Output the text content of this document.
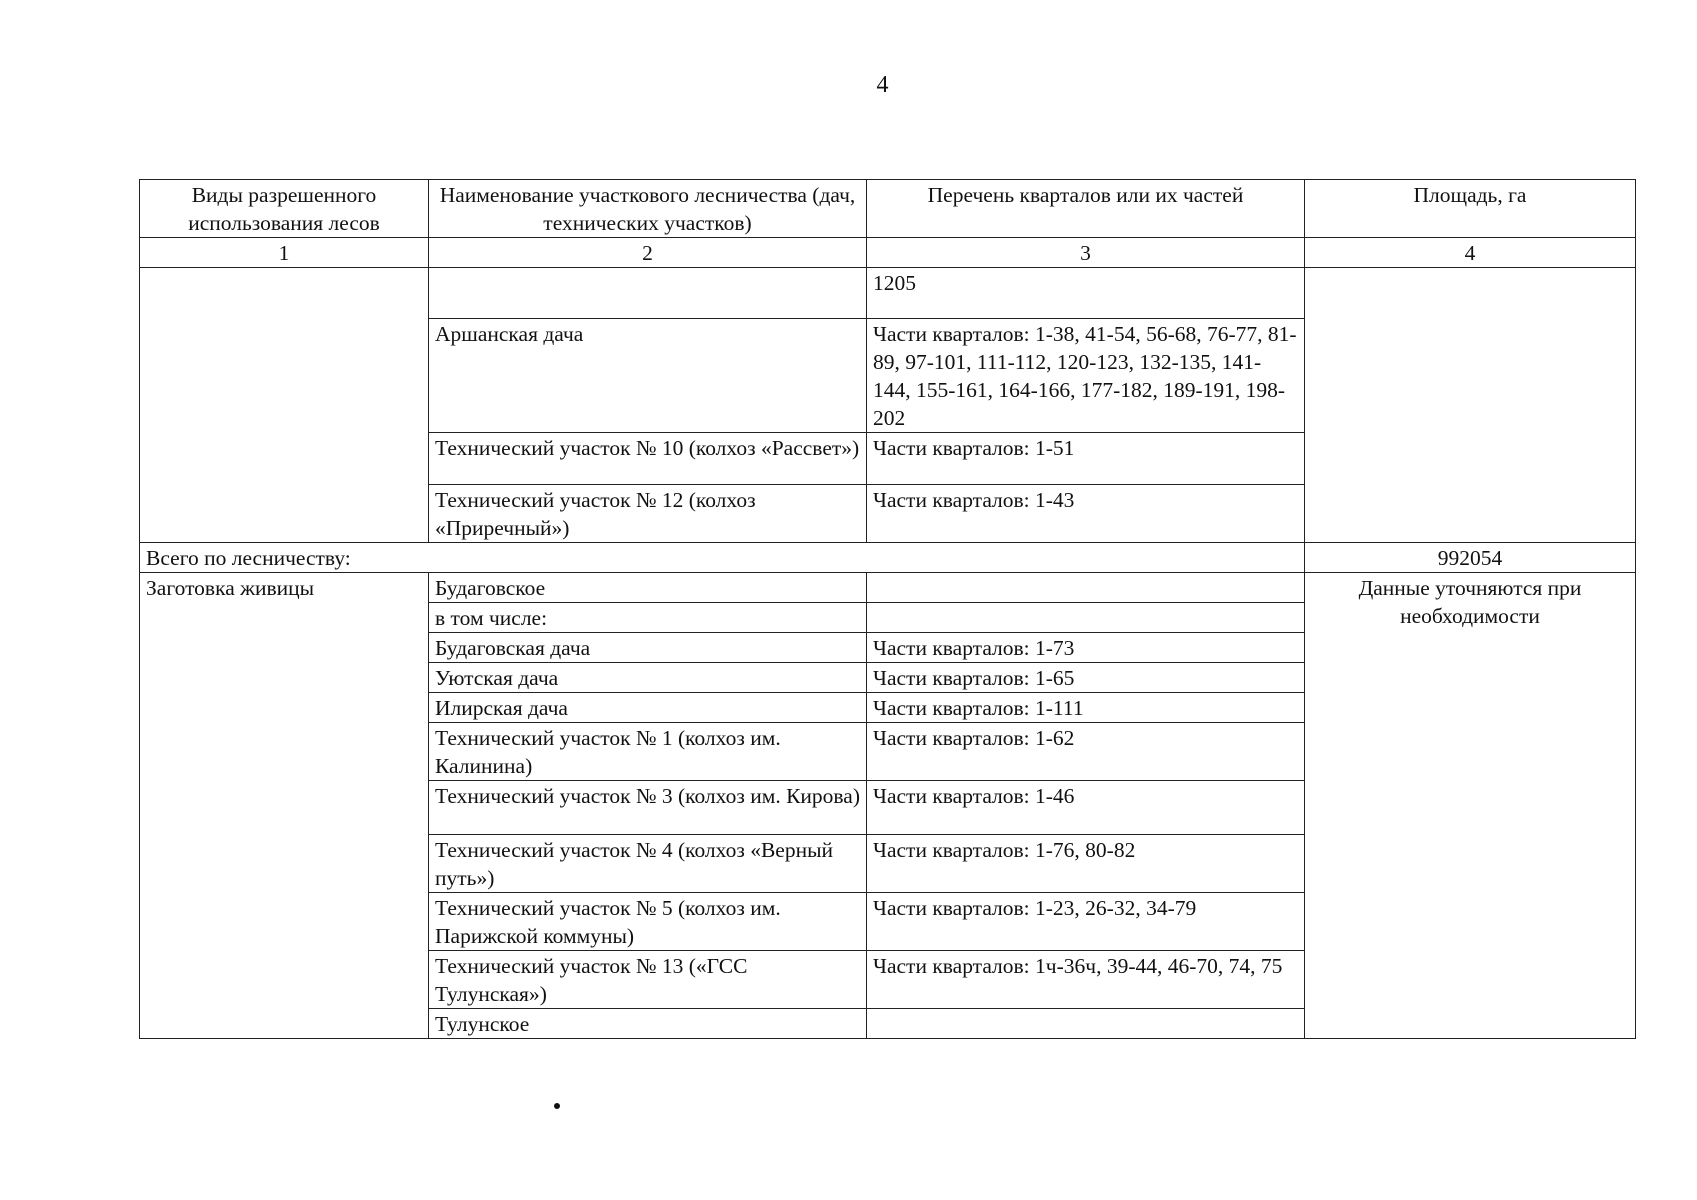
4
Виды разрешенного использования лесов	Наименование участкового лесничества (дач, технических участков)	Перечень кварталов или их частей	Площадь, га
1	2	3	4
		1205	
	Аршанская дача	Части кварталов: 1-38, 41-54, 56-68, 76-77, 81-89, 97-101, 111-112, 120-123, 132-135, 141-144, 155-161, 164-166, 177-182, 189-191, 198-202	
	Технический участок № 10 (колхоз «Рассвет»)	Части кварталов: 1-51	
	Технический участок № 12 (колхоз «Приречный»)	Части кварталов: 1-43	
Всего по лесничеству:			992054
Заготовка живицы	Будаговское		Данные уточняются при необходимости
	в том числе:		
	Будаговская дача	Части кварталов: 1-73	
	Уютская дача	Части кварталов: 1-65	
	Илирская дача	Части кварталов: 1-111	
	Технический участок № 1 (колхоз им. Калинина)	Части кварталов: 1-62	
	Технический участок № 3 (колхоз им. Кирова)	Части кварталов: 1-46	
	Технический участок № 4 (колхоз «Верный путь»)	Части кварталов: 1-76, 80-82	
	Технический участок № 5 (колхоз им. Парижской коммуны)	Части кварталов: 1-23, 26-32, 34-79	
	Технический участок № 13 («ГСС Тулунская»)	Части кварталов: 1ч-36ч, 39-44, 46-70, 74, 75	
	Тулунское		
